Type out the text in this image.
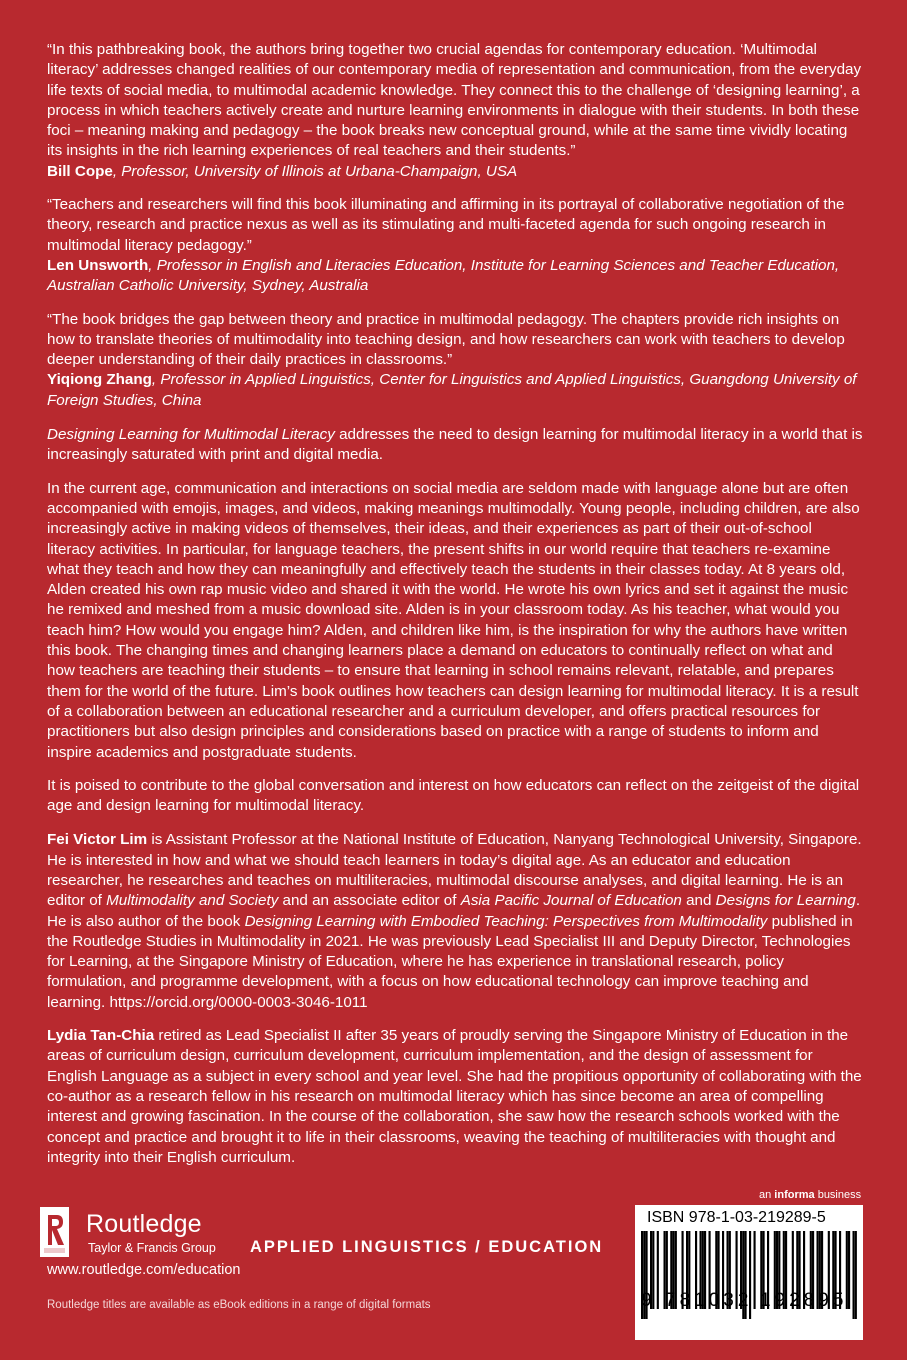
“In this pathbreaking book, the authors bring together two crucial agendas for contemporary education. ‘Multimodal literacy’ addresses changed realities of our contemporary media of representation and communication, from the everyday life texts of social media, to multimodal academic knowledge. They connect this to the challenge of ‘designing learning’, a process in which teachers actively create and nurture learning environments in dialogue with their students. In both these foci – meaning making and pedagogy – the book breaks new conceptual ground, while at the same time vividly locating its insights in the rich learning experiences of real teachers and their students.”

Bill Cope, Professor, University of Illinois at Urbana-Champaign, USA

“Teachers and researchers will find this book illuminating and affirming in its portrayal of collaborative negotiation of the theory, research and practice nexus as well as its stimulating and multi-faceted agenda for such ongoing research in multimodal literacy pedagogy.”

Len Unsworth, Professor in English and Literacies Education, Institute for Learning Sciences and Teacher Education, Australian Catholic University, Sydney, Australia

“The book bridges the gap between theory and practice in multimodal pedagogy. The chapters provide rich insights on how to translate theories of multimodality into teaching design, and how researchers can work with teachers to develop deeper understanding of their daily practices in classrooms.”

Yiqiong Zhang, Professor in Applied Linguistics, Center for Linguistics and Applied Linguistics, Guangdong University of Foreign Studies, China

Designing Learning for Multimodal Literacy addresses the need to design learning for multimodal literacy in a world that is increasingly saturated with print and digital media.

In the current age, communication and interactions on social media are seldom made with language alone but are often accompanied with emojis, images, and videos, making meanings multimodally. Young people, including children, are also increasingly active in making videos of themselves, their ideas, and their experiences as part of their out-of-school literacy activities. In particular, for language teachers, the present shifts in our world require that teachers re-examine what they teach and how they can meaningfully and effectively teach the students in their classes today. At 8 years old, Alden created his own rap music video and shared it with the world. He wrote his own lyrics and set it against the music he remixed and meshed from a music download site. Alden is in your classroom today. As his teacher, what would you teach him? How would you engage him? Alden, and children like him, is the inspiration for why the authors have written this book. The changing times and changing learners place a demand on educators to continually reflect on what and how teachers are teaching their students – to ensure that learning in school remains relevant, relatable, and prepares them for the world of the future. Lim’s book outlines how teachers can design learning for multimodal literacy. It is a result of a collaboration between an educational researcher and a curriculum developer, and offers practical resources for practitioners but also design principles and considerations based on practice with a range of students to inform and inspire academics and postgraduate students.

It is poised to contribute to the global conversation and interest on how educators can reflect on the zeitgeist of the digital age and design learning for multimodal literacy.

Fei Victor Lim is Assistant Professor at the National Institute of Education, Nanyang Technological University, Singapore. He is interested in how and what we should teach learners in today’s digital age. As an educator and education researcher, he researches and teaches on multiliteracies, multimodal discourse analyses, and digital learning. He is an editor of Multimodality and Society and an associate editor of Asia Pacific Journal of Education and Designs for Learning. He is also author of the book Designing Learning with Embodied Teaching: Perspectives from Multimodality published in the Routledge Studies in Multimodality in 2021. He was previously Lead Specialist III and Deputy Director, Technologies for Learning, at the Singapore Ministry of Education, where he has experience in translational research, policy formulation, and programme development, with a focus on how educational technology can improve teaching and learning. https://orcid.org/0000-0003-3046-1011

Lydia Tan-Chia retired as Lead Specialist II after 35 years of proudly serving the Singapore Ministry of Education in the areas of curriculum design, curriculum development, curriculum implementation, and the design of assessment for English Language as a subject in every school and year level. She had the propitious opportunity of collaborating with the co-author as a research fellow in his research on multimodal literacy which has since become an area of compelling interest and growing fascination. In the course of the collaboration, she saw how the research schools worked with the concept and practice and brought it to life in their classrooms, weaving the teaching of multiliteracies with thought and integrity into their English curriculum.

Routledge
Taylor & Francis Group APPLIED LINGUISTICS / EDUCATION
www.routledge.com/education
Routledge titles are available as eBook editions in a range of digital formats
an informa business
ISBN 978-1-03-219289-5
9 781032 192895
